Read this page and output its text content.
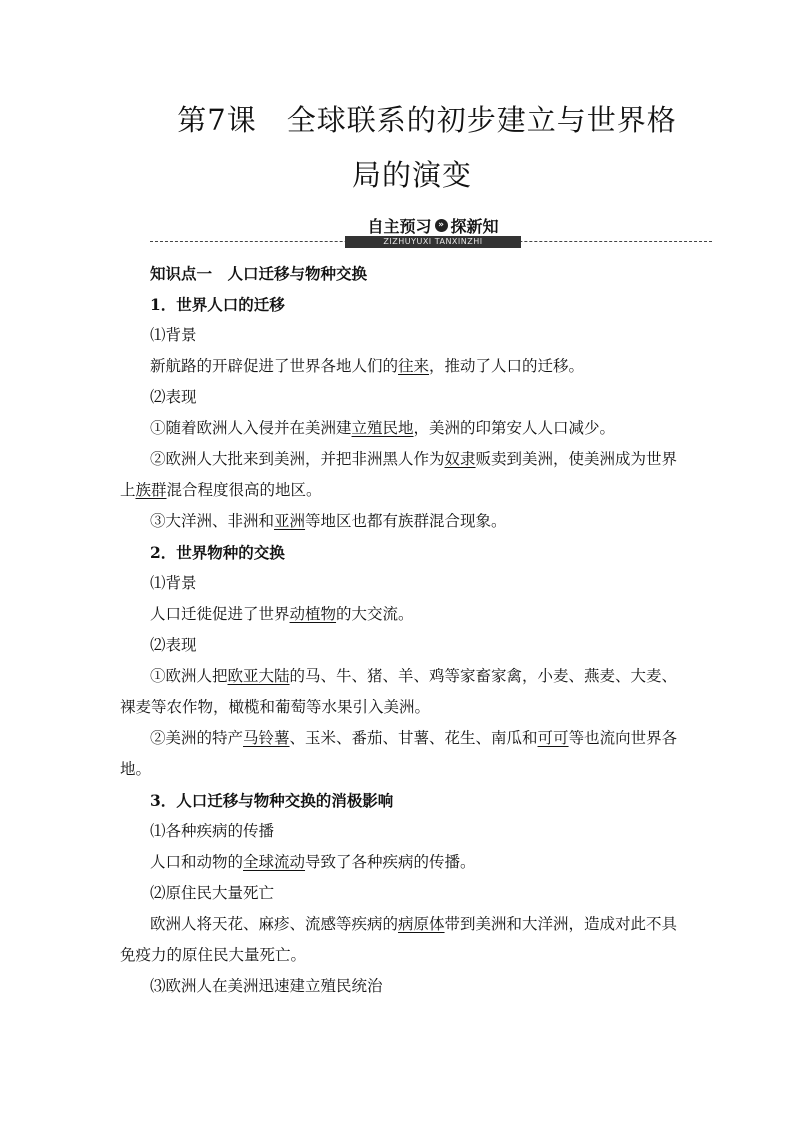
第7课　全球联系的初步建立与世界格
局的演变
自主预习 » 探新知
ZIZHUYUXI TANXINZHI

知识点一　人口迁移与物种交换

1．世界人口的迁移

⑴背景

新航路的开辟促进了世界各地人们的往来，推动了人口的迁移。

⑵表现

①随着欧洲人入侵并在美洲建立殖民地，美洲的印第安人人口减少。

②欧洲人大批来到美洲，并把非洲黑人作为奴隶贩卖到美洲，使美洲成为世界上族群混合程度很高的地区。

③大洋洲、非洲和亚洲等地区也都有族群混合现象。

2．世界物种的交换

⑴背景

人口迁徙促进了世界动植物的大交流。

⑵表现

①欧洲人把欧亚大陆的马、牛、猪、羊、鸡等家畜家禽，小麦、燕麦、大麦、裸麦等农作物，橄榄和葡萄等水果引入美洲。

②美洲的特产马铃薯、玉米、番茄、甘薯、花生、南瓜和可可等也流向世界各地。

3．人口迁移与物种交换的消极影响

⑴各种疾病的传播

人口和动物的全球流动导致了各种疾病的传播。

⑵原住民大量死亡

欧洲人将天花、麻疹、流感等疾病的病原体带到美洲和大洋洲，造成对此不具免疫力的原住民大量死亡。

⑶欧洲人在美洲迅速建立殖民统治
